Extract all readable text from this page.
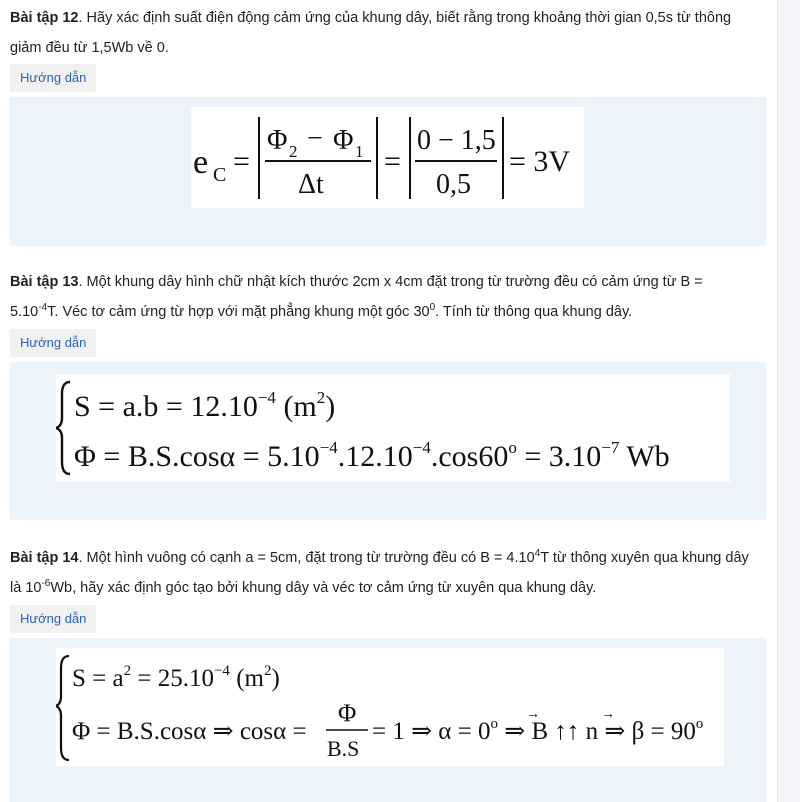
Bài tập 12. Hãy xác định suất điện động cảm ứng của khung dây, biết rằng trong khoảng thời gian 0,5s từ thông
giảm đều từ 1,5Wb về 0.
Hướng dẫn
e C =
Φ 2 − Φ 1
Δt
=
0 − 1,5
0,5
= 3V
Bài tập 13. Một khung dây hình chữ nhật kích thước 2cm x 4cm đặt trong từ trường đều có cảm ứng từ B =
$5.10^{-4}T$. Véc tơ cảm ứng từ hợp với mặt phẳng khung một góc $30^0$. Tính từ thông qua khung dây.
Hướng dẫn
$S = a.b = 12.10^{-4}$ $(m^2)$
$\Phi = B.S.\cos\alpha = 5.10^{-4}.12.10^{-4}.\cos 60^o = 3.10^{-7}$ Wb
Bài tập 14. Một hình vuông có cạnh a = 5cm, đặt trong từ trường đều có $B = 4.10^4T$ từ thông xuyên qua khung dây
là $10^{-6}Wb$, hãy xác định góc tạo bởi khung dây và véc tơ cảm ứng từ xuyên qua khung dây.
Hướng dẫn
$S = a^2 = 25.10^{-4}$ $(m^2)$
Φ = B.S.cosα ⇒ cosα =
Φ
B.S
= 1 ⇒ $\alpha = 0^o$ ⇒ B ↑↑ n ⇒ $\beta = 90^o$
→	→
